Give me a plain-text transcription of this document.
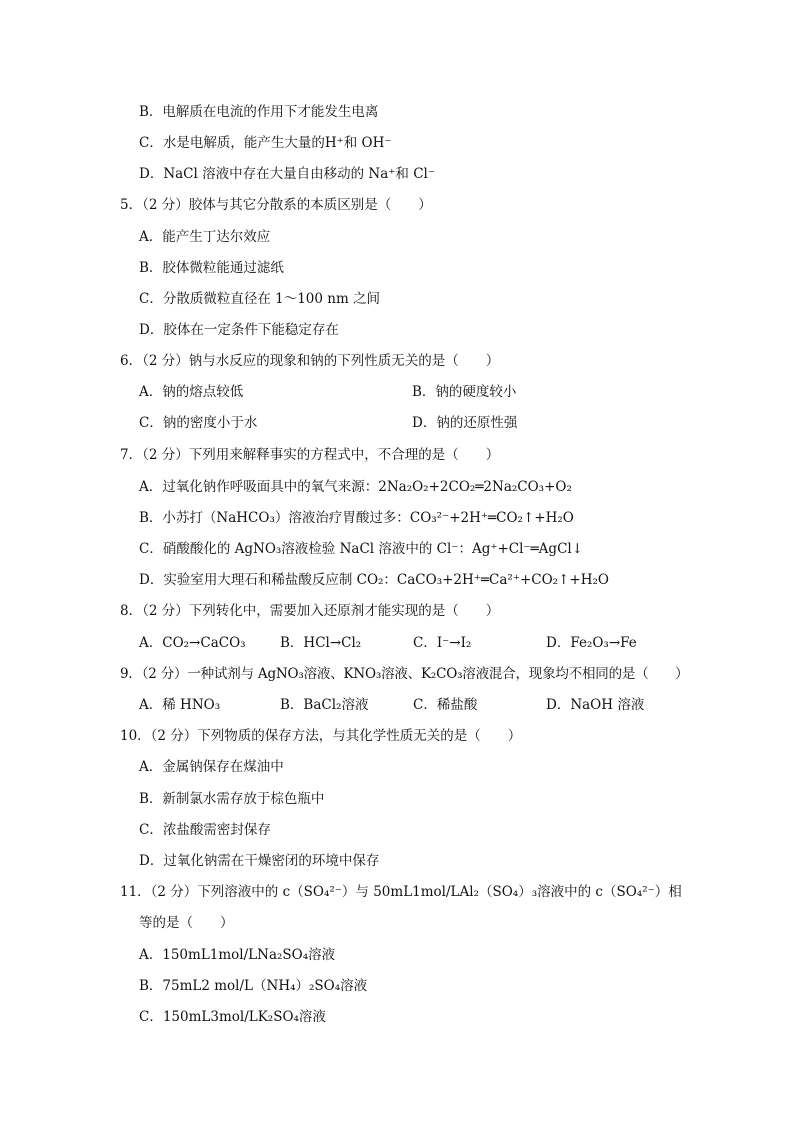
B．电解质在电流的作用下才能发生电离
C．水是电解质，能产生大量的H⁺和 OH⁻
D．NaCl 溶液中存在大量自由移动的 Na⁺和 Cl⁻
5．（2 分）胶体与其它分散系的本质区别是（　　）
A．能产生丁达尔效应
B．胶体微粒能通过滤纸
C．分散质微粒直径在 1～100 nm 之间
D．胶体在一定条件下能稳定存在
6．（2 分）钠与水反应的现象和钠的下列性质无关的是（　　）
A．钠的熔点较低	B．钠的硬度较小
C．钠的密度小于水	D．钠的还原性强
7．（2 分）下列用来解释事实的方程式中，不合理的是（　　）
A．过氧化钠作呼吸面具中的氧气来源：2Na₂O₂+2CO₂═2Na₂CO₃+O₂
B．小苏打（NaHCO₃）溶液治疗胃酸过多：CO₃²⁻+2H⁺═CO₂↑+H₂O
C．硝酸酸化的 AgNO₃溶液检验 NaCl 溶液中的 Cl⁻：Ag⁺+Cl⁻═AgCl↓
D．实验室用大理石和稀盐酸反应制 CO₂：CaCO₃+2H⁺═Ca²⁺+CO₂↑+H₂O
8．（2 分）下列转化中，需要加入还原剂才能实现的是（　　）
A．CO₂→CaCO₃	B．HCl→Cl₂	C．I⁻→I₂	D．Fe₂O₃→Fe
9．（2 分）一种试剂与 AgNO₃溶液、KNO₃溶液、K₂CO₃溶液混合，现象均不相同的是（　　）
A．稀 HNO₃	B．BaCl₂溶液	C．稀盐酸	D．NaOH 溶液
10．（2 分）下列物质的保存方法，与其化学性质无关的是（　　）
A．金属钠保存在煤油中
B．新制氯水需存放于棕色瓶中
C．浓盐酸需密封保存
D．过氧化钠需在干燥密闭的环境中保存
11．（2 分）下列溶液中的 c（SO₄²⁻）与 50mL1mol/LAl₂（SO₄）₃溶液中的 c（SO₄²⁻）相
等的是（　　）
A．150mL1mol/LNa₂SO₄溶液
B．75mL2 mol/L（NH₄）₂SO₄溶液
C．150mL3mol/LK₂SO₄溶液
